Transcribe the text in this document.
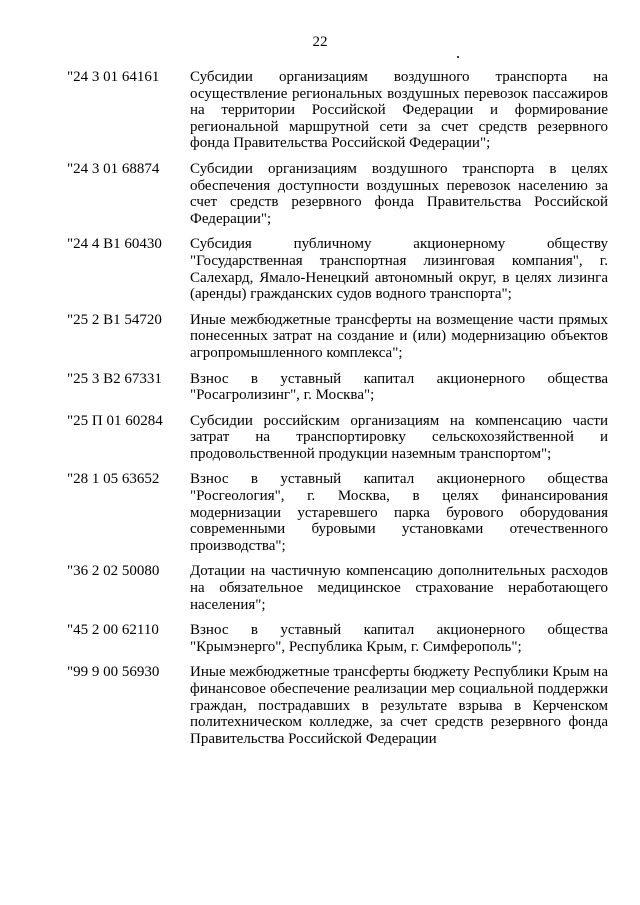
22
"24 3 01 64161	Субсидии организациям воздушного транспорта на осуществление региональных воздушных перевозок пассажиров на территории Российской Федерации и формирование региональной маршрутной сети за счет средств резервного фонда Правительства Российской Федерации";
"24 3 01 68874	Субсидии организациям воздушного транспорта в целях обеспечения доступности воздушных перевозок населению за счет средств резервного фонда Правительства Российской Федерации";
"24 4 B1 60430	Субсидия публичному акционерному обществу "Государственная транспортная лизинговая компания", г. Салехард, Ямало-Ненецкий автономный округ, в целях лизинга (аренды) гражданских судов водного транспорта";
"25 2 B1 54720	Иные межбюджетные трансферты на возмещение части прямых понесенных затрат на создание и (или) модернизацию объектов агропромышленного комплекса";
"25 3 B2 67331	Взнос в уставный капитал акционерного общества "Росагролизинг", г. Москва";
"25 П 01 60284	Субсидии российским организациям на компенсацию части затрат на транспортировку сельскохозяйственной и продовольственной продукции наземным транспортом";
"28 1 05 63652	Взнос в уставный капитал акционерного общества "Росгеология", г. Москва, в целях финансирования модернизации устаревшего парка бурового оборудования современными буровыми установками отечественного производства";
"36 2 02 50080	Дотации на частичную компенсацию дополнительных расходов на обязательное медицинское страхование неработающего населения";
"45 2 00 62110	Взнос в уставный капитал акционерного общества "Крымэнерго", Республика Крым, г. Симферополь";
"99 9 00 56930	Иные межбюджетные трансферты бюджету Республики Крым на финансовое обеспечение реализации мер социальной поддержки граждан, пострадавших в результате взрыва в Керченском политехническом колледже, за счет средств резервного фонда Правительства Российской Федерации
